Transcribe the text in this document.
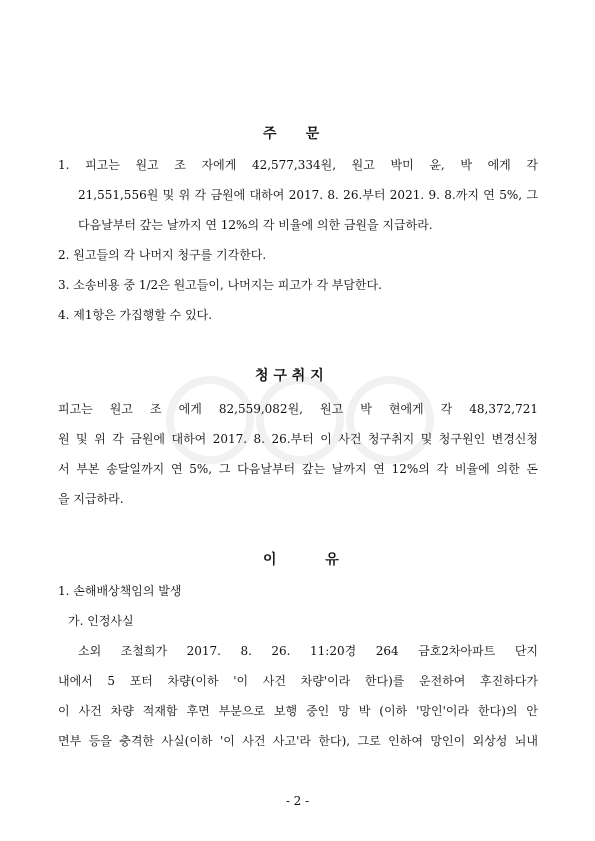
주      문
1. 피고는 원고 조 자에게 42,577,334원, 원고 박미 윤, 박 에게 각
21,551,556원 및 위 각 금원에 대하여 2017. 8. 26.부터 2021. 9. 8.까지 연 5%, 그
다음날부터 갚는 날까지 연 12%의 각 비율에 의한 금원을 지급하라.
2. 원고들의 각 나머지 청구를 기각한다.
3. 소송비용 중 1/2은 원고들이, 나머지는 피고가 각 부담한다.
4. 제1항은 가집행할 수 있다.
청 구 취 지
피고는 원고 조 에게 82,559,082원, 원고 박 현에게 각 48,372,721
원 및 위 각 금원에 대하여 2017. 8. 26.부터 이 사건 청구취지 및 청구원인 변경신청
서 부본 송달일까지 연 5%, 그 다음날부터 갚는 날까지 연 12%의 각 비율에 의한 돈
을 지급하라.
이          유
1. 손해배상책임의 발생
가. 인정사실
소외 조철희가 2017. 8. 26. 11:20경 264 금호2차아파트 단지
내에서 5 포터 차량(이하 '이 사건 차량'이라 한다)를 운전하여 후진하다가
이 사건 차량 적재함 후면 부분으로 보행 중인 망 박 (이하 '망인'이라 한다)의 안
면부 등을 충격한 사실(이하 '이 사건 사고'라 한다), 그로 인하여 망인이 외상성 뇌내
- 2 -
